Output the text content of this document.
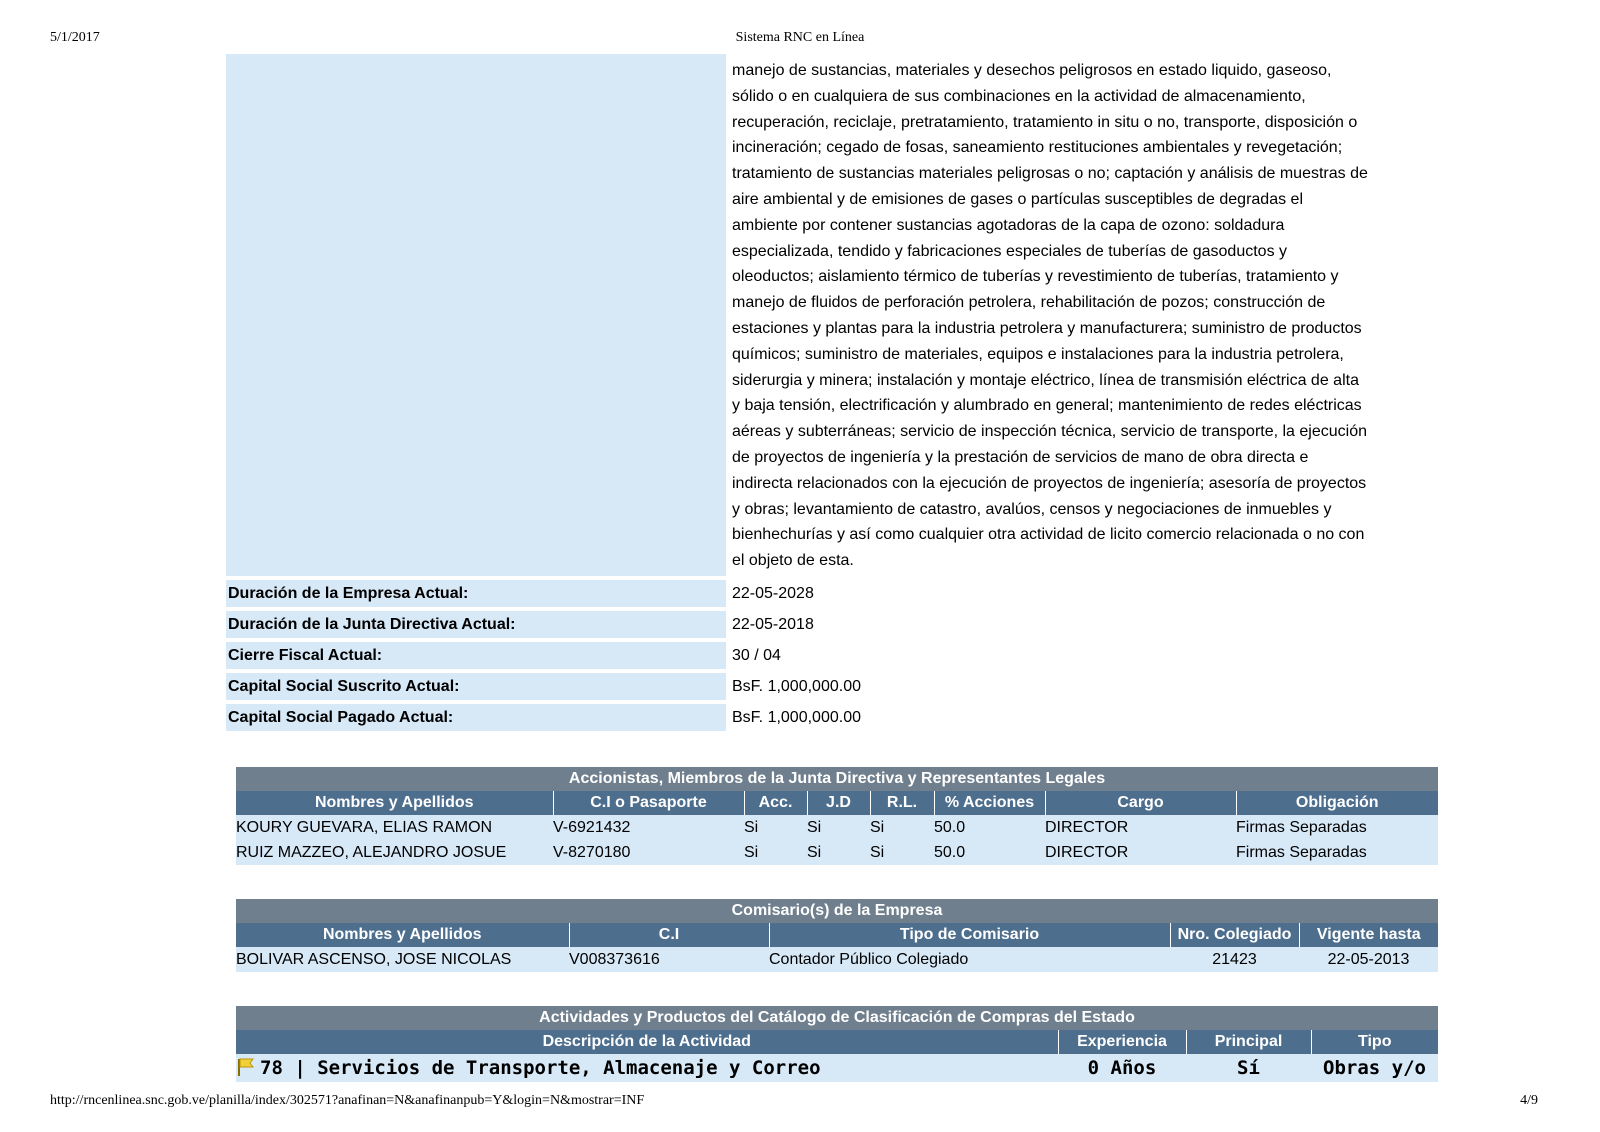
5/1/2017	Sistema RNC en Línea
manejo de sustancias, materiales y desechos peligrosos en estado liquido, gaseoso,
sólido o en cualquiera de sus combinaciones en la actividad de almacenamiento,
recuperación, reciclaje, pretratamiento, tratamiento in situ o no, transporte, disposición o
incineración; cegado de fosas, saneamiento restituciones ambientales y revegetación;
tratamiento de sustancias materiales peligrosas o no; captación y análisis de muestras de
aire ambiental y de emisiones de gases o partículas susceptibles de degradas el
ambiente por contener sustancias agotadoras de la capa de ozono: soldadura
especializada, tendido y fabricaciones especiales de tuberías de gasoductos y
oleoductos; aislamiento térmico de tuberías y revestimiento de tuberías, tratamiento y
manejo de fluidos de perforación petrolera, rehabilitación de pozos; construcción de
estaciones y plantas para la industria petrolera y manufacturera; suministro de productos
químicos; suministro de materiales, equipos e instalaciones para la industria petrolera,
siderurgia y minera; instalación y montaje eléctrico, línea de transmisión eléctrica de alta
y baja tensión, electrificación y alumbrado en general; mantenimiento de redes eléctricas
aéreas y subterráneas; servicio de inspección técnica, servicio de transporte, la ejecución
de proyectos de ingeniería y la prestación de servicios de mano de obra directa e
indirecta relacionados con la ejecución de proyectos de ingeniería; asesoría de proyectos
y obras; levantamiento de catastro, avalúos, censos y negociaciones de inmuebles y
bienhechurías y así como cualquier otra actividad de licito comercio relacionada o no con
el objeto de esta.
Duración de la Empresa Actual:	22-05-2028
Duración de la Junta Directiva Actual:	22-05-2018
Cierre Fiscal Actual:	30 / 04
Capital Social Suscrito Actual:	BsF. 1,000,000.00
Capital Social Pagado Actual:	BsF. 1,000,000.00
Accionistas, Miembros de la Junta Directiva y Representantes Legales							
Nombres y Apellidos	C.I o Pasaporte	Acc.	J.D	R.L.	% Acciones	Cargo	Obligación
KOURY GUEVARA, ELIAS RAMON	V-6921432	Si	Si	Si	50.0	DIRECTOR	Firmas Separadas
RUIZ MAZZEO, ALEJANDRO JOSUE	V-8270180	Si	Si	Si	50.0	DIRECTOR	Firmas Separadas
Comisario(s) de la Empresa				
Nombres y Apellidos	C.I	Tipo de Comisario	Nro. Colegiado	Vigente hasta
BOLIVAR ASCENSO, JOSE NICOLAS	V008373616	Contador Público Colegiado	21423	22-05-2013
Actividades y Productos del Catálogo de Clasificación de Compras del Estado			
Descripción de la Actividad	Experiencia	Principal	Tipo
78 | Servicios de Transporte, Almacenaje y Correo	0 Años	Sí	Obras y/o
http://rncenlinea.snc.gob.ve/planilla/index/302571?anafinan=N&anafinanpub=Y&login=N&mostrar=INF	4/9
